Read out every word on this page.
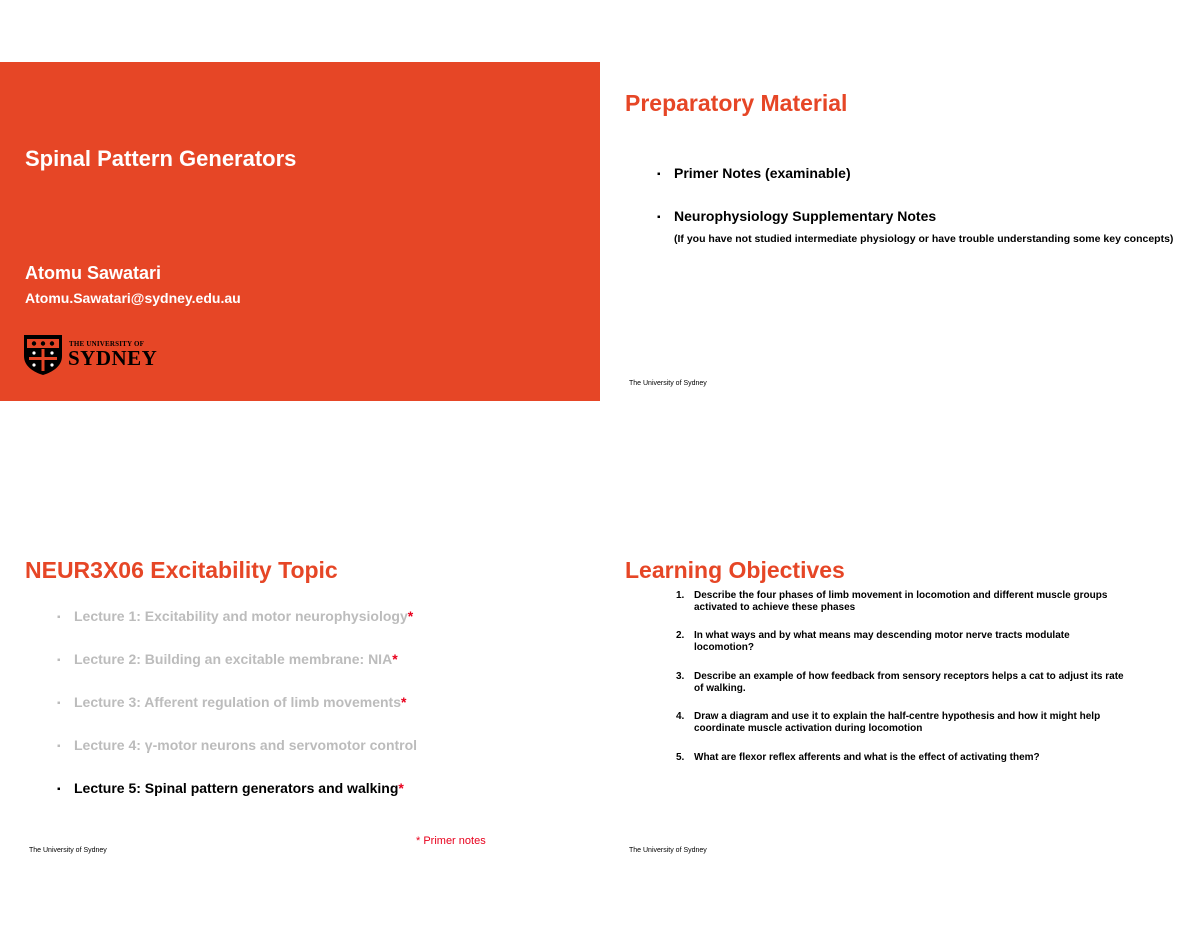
Spinal Pattern Generators
Atomu Sawatari
Atomu.Sawatari@sydney.edu.au
THE UNIVERSITY OF
SYDNEY
Preparatory Material
▪ Primer Notes (examinable)
▪ Neurophysiology Supplementary Notes
(If you have not studied intermediate physiology or have trouble understanding some key concepts)
The University of Sydney
NEUR3X06 Excitability Topic
▪ Lecture 1: Excitability and motor neurophysiology*
▪ Lecture 2: Building an excitable membrane: NIA*
▪ Lecture 3: Afferent regulation of limb movements*
▪ Lecture 4: γ-motor neurons and servomotor control
▪ Lecture 5: Spinal pattern generators and walking*
* Primer notes
The University of Sydney
Learning Objectives
1. Describe the four phases of limb movement in locomotion and different muscle groups activated to achieve these phases
2. In what ways and by what means may descending motor nerve tracts modulate locomotion?
3. Describe an example of how feedback from sensory receptors helps a cat to adjust its rate of walking.
4. Draw a diagram and use it to explain the half-centre hypothesis and how it might help coordinate muscle activation during locomotion
5. What are flexor reflex afferents and what is the effect of activating them?
The University of Sydney
